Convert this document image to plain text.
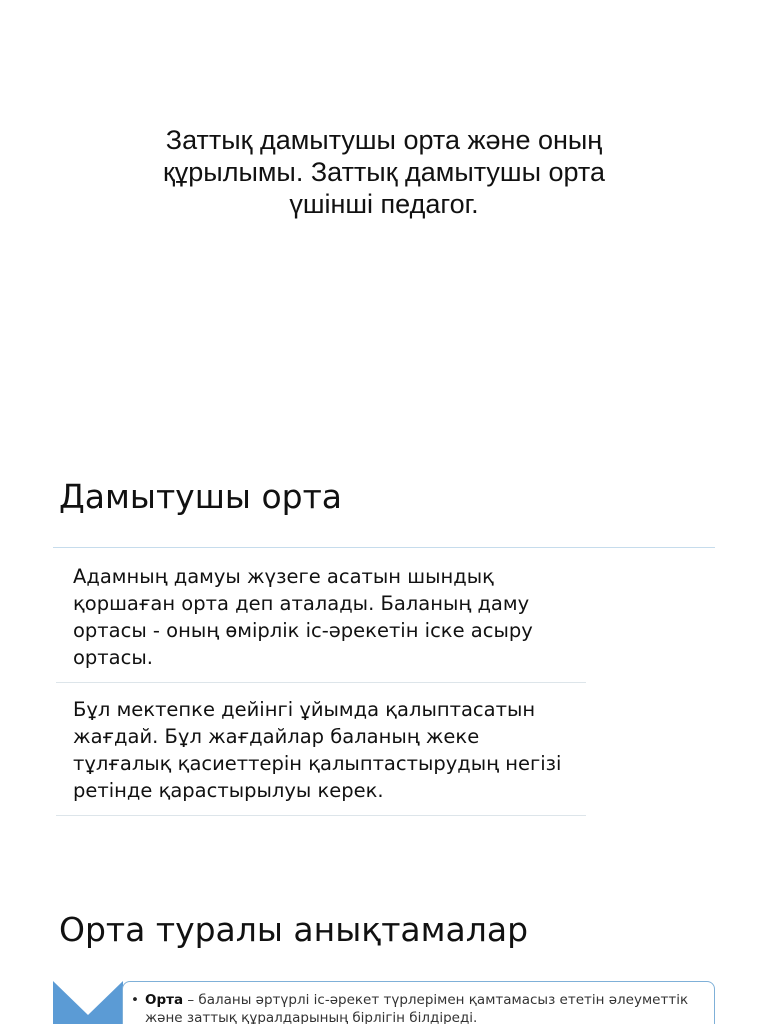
Заттық дамытушы орта және оның құрылымы. Заттық дамытушы орта үшінші педагог.
Дамытушы орта
Адамның дамуы жүзеге асатын шындық қоршаған орта деп аталады. Баланың даму ортасы - оның өмірлік іс-әрекетін іске асыру ортасы.
Бұл мектепке дейінгі ұйымда қалыптасатын жағдай. Бұл жағдайлар баланың жеке тұлғалық қасиеттерін қалыптастырудың негізі ретінде қарастырылуы керек.
Орта туралы анықтамалар
• Орта – баланы әртүрлі іс-әрекет түрлерімен қамтамасыз ететін әлеуметтік және заттық құралдарының бірлігін білдіреді.
